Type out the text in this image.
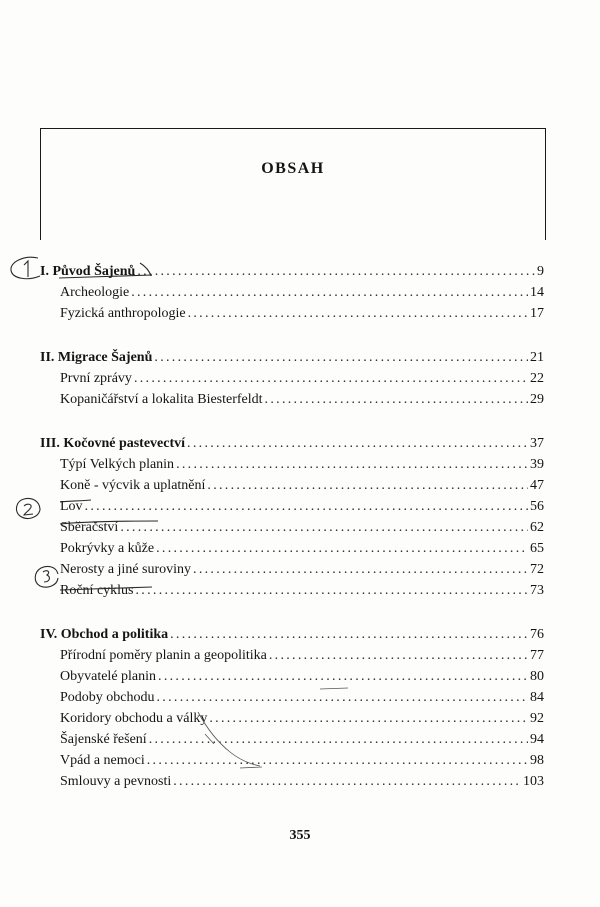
OBSAH
I. Původ Šajenů .....	9
Archeologie .....	14
Fyzická anthropologie .....	17
II. Migrace Šajenů .....	21
První zprávy .....	22
Kopaničářství a lokalita Biesterfeldt .....	29
III. Kočovné pastevectví .....	37
Týpí Velkých planin .....	39
Koně - výcvik a uplatnění .....	47
Lov .....	56
Sběračství .....	62
Pokrývky a kůže .....	65
Nerosty a jiné suroviny .....	72
Roční cyklus .....	73
IV. Obchod a politika .....	76
Přírodní poměry planin a geopolitika .....	77
Obyvatelé planin .....	80
Podoby obchodu .....	84
Koridory obchodu a války .....	92
Šajenské řešení .....	94
Vpád a nemoci .....	98
Smlouvy a pevnosti .....	103
355
